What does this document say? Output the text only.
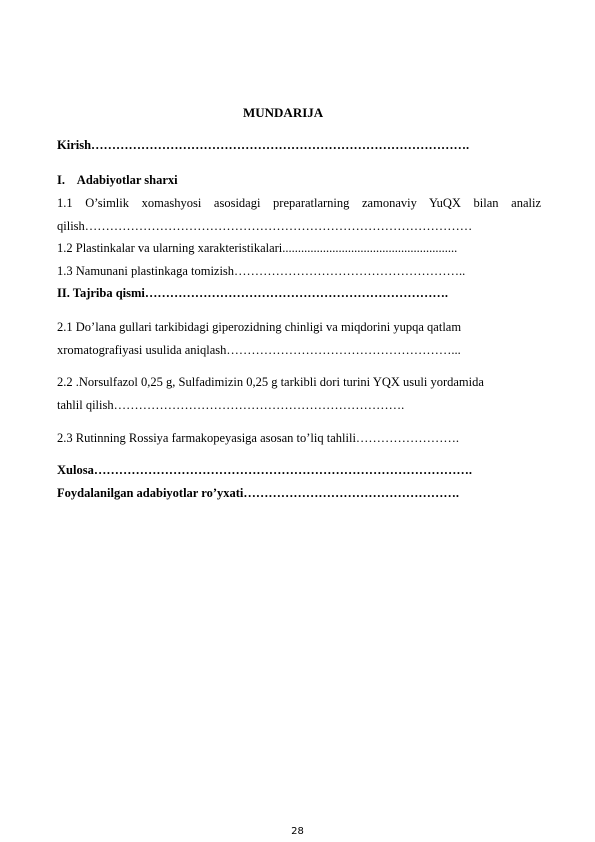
MUNDARIJA
Kirish……………………………………………………………………………….
I.    Adabiyotlar sharxi
1.1 O’simlik xomashyosi asosidagi preparatlarning zamonaviy YuQX bilan analiz
qilish…………………………………………………………………………………
1.2 Plastinkalar va ularning xarakteristikalari........................................................
1.3 Namunani plastinkaga tomizish………………………………………………..
II. Tajriba qismi……………………………………………………………….
2.1 Do’lana gullari tarkibidagi giperozidning chinligi va miqdorini yupqa qatlam
xromatografiyasi usulida aniqlash………………………………………………...
2.2 .Norsulfazol 0,25 g, Sulfadimizin 0,25 g tarkibli dori turini YQX usuli yordamida
tahlil qilish…………………………………………………………….
2.3 Rutinning Rossiya farmakopeyasiga asosan to’liq tahlili…………………….
Xulosa……………………………………………………………………………….
Foydalanilgan adabiyotlar ro’yxati…………………………………………….
28
